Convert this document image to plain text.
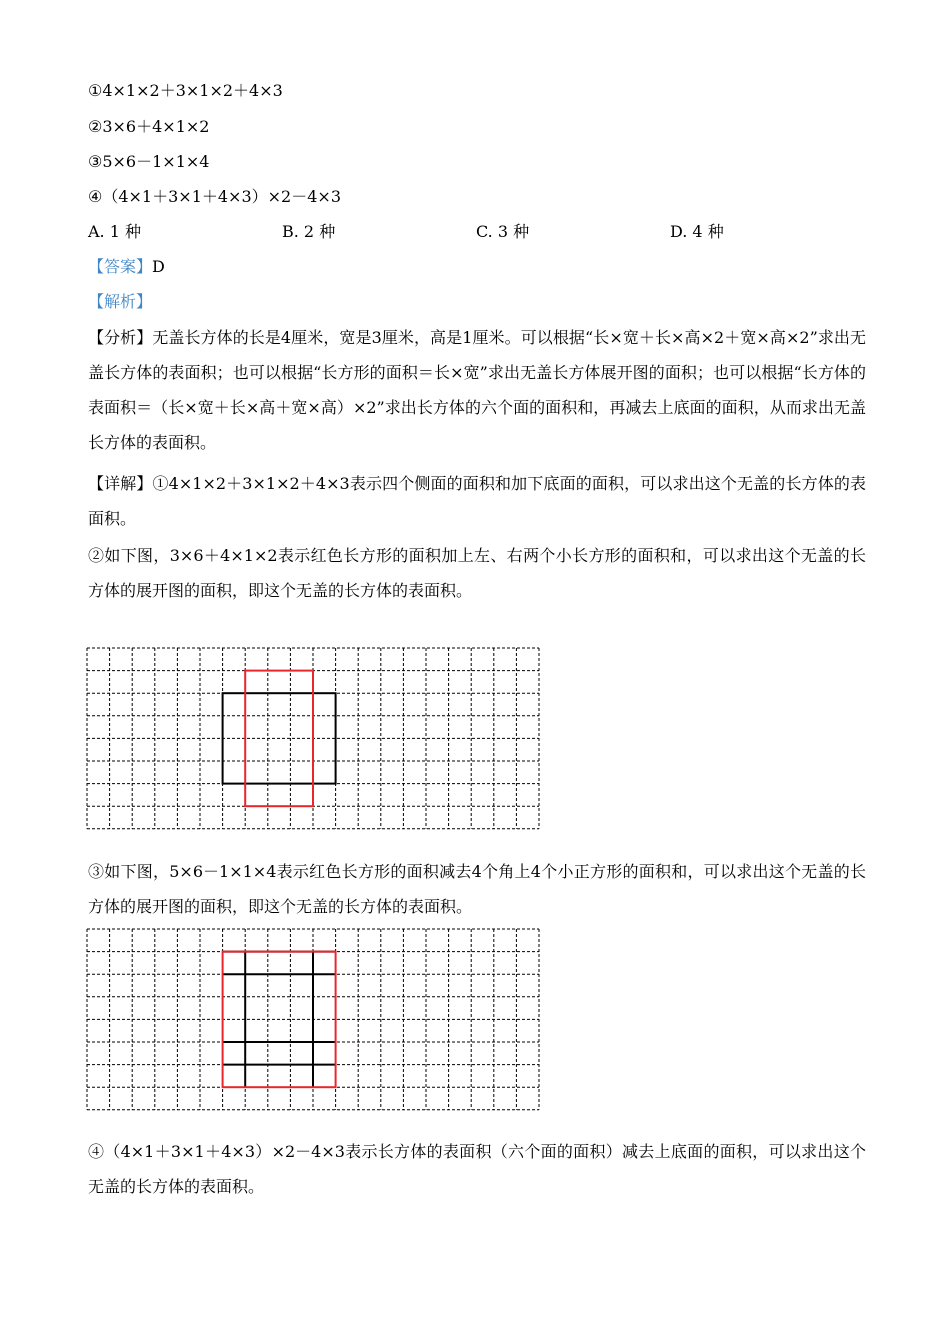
①4×1×2＋3×1×2＋4×3
②3×6＋4×1×2
③5×6－1×1×4
④（4×1＋3×1＋4×3）×2－4×3
A. 1 种	B. 2 种	C. 3 种	D. 4 种
【答案】D
【解析】
【分析】无盖长方体的长是4厘米，宽是3厘米，高是1厘米。可以根据“长×宽＋长×高×2＋宽×高×2”求出无盖长方体的表面积；也可以根据“长方形的面积＝长×宽”求出无盖长方体展开图的面积；也可以根据“长方体的表面积＝（长×宽＋长×高＋宽×高）×2”求出长方体的六个面的面积和，再减去上底面的面积，从而求出无盖长方体的表面积。
【详解】①4×1×2＋3×1×2＋4×3表示四个侧面的面积和加下底面的面积，可以求出这个无盖的长方体的表面积。
②如下图，3×6＋4×1×2表示红色长方形的面积加上左、右两个小长方形的面积和，可以求出这个无盖的长方体的展开图的面积，即这个无盖的长方体的表面积。
③如下图，5×6－1×1×4表示红色长方形的面积减去4个角上4个小正方形的面积和，可以求出这个无盖的长方体的展开图的面积，即这个无盖的长方体的表面积。
④（4×1＋3×1＋4×3）×2－4×3表示长方体的表面积（六个面的面积）减去上底面的面积，可以求出这个无盖的长方体的表面积。
